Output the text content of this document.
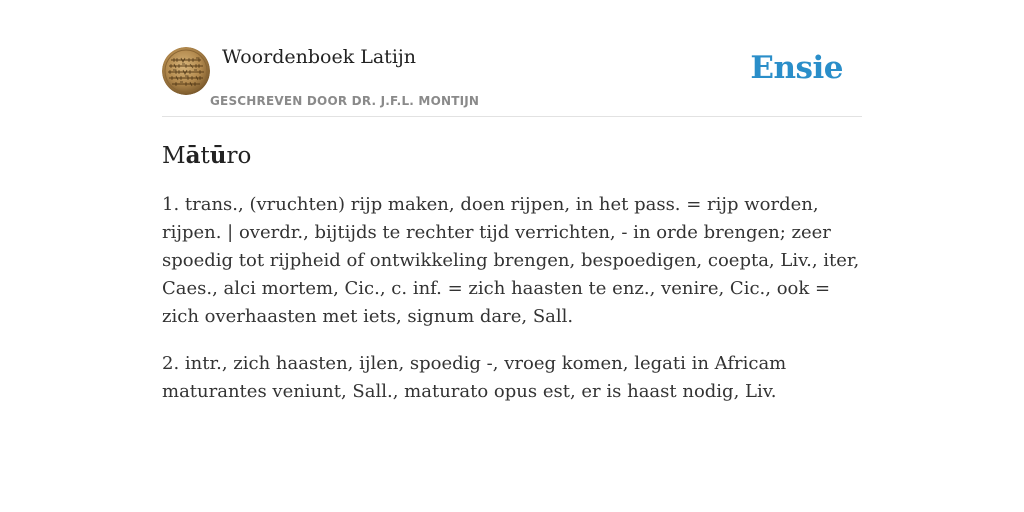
Woordenboek Latijn
GESCHREVEN DOOR DR. J.F.L. MONTIJN
Ensie
Mātūro

1. trans., (vruchten) rijp maken, doen rijpen, in het pass. = rijp worden, rijpen. | overdr., bijtijds te rechter tijd verrichten, - in orde brengen; zeer spoedig tot rijpheid of ontwikkeling brengen, bespoedigen, coepta, Liv., iter, Caes., alci mortem, Cic., c. inf. = zich haasten te enz., venire, Cic., ook = zich overhaasten met iets, signum dare, Sall.

2. intr., zich haasten, ijlen, spoedig -, vroeg komen, legati in Africam maturantes veniunt, Sall., maturato opus est, er is haast nodig, Liv.
